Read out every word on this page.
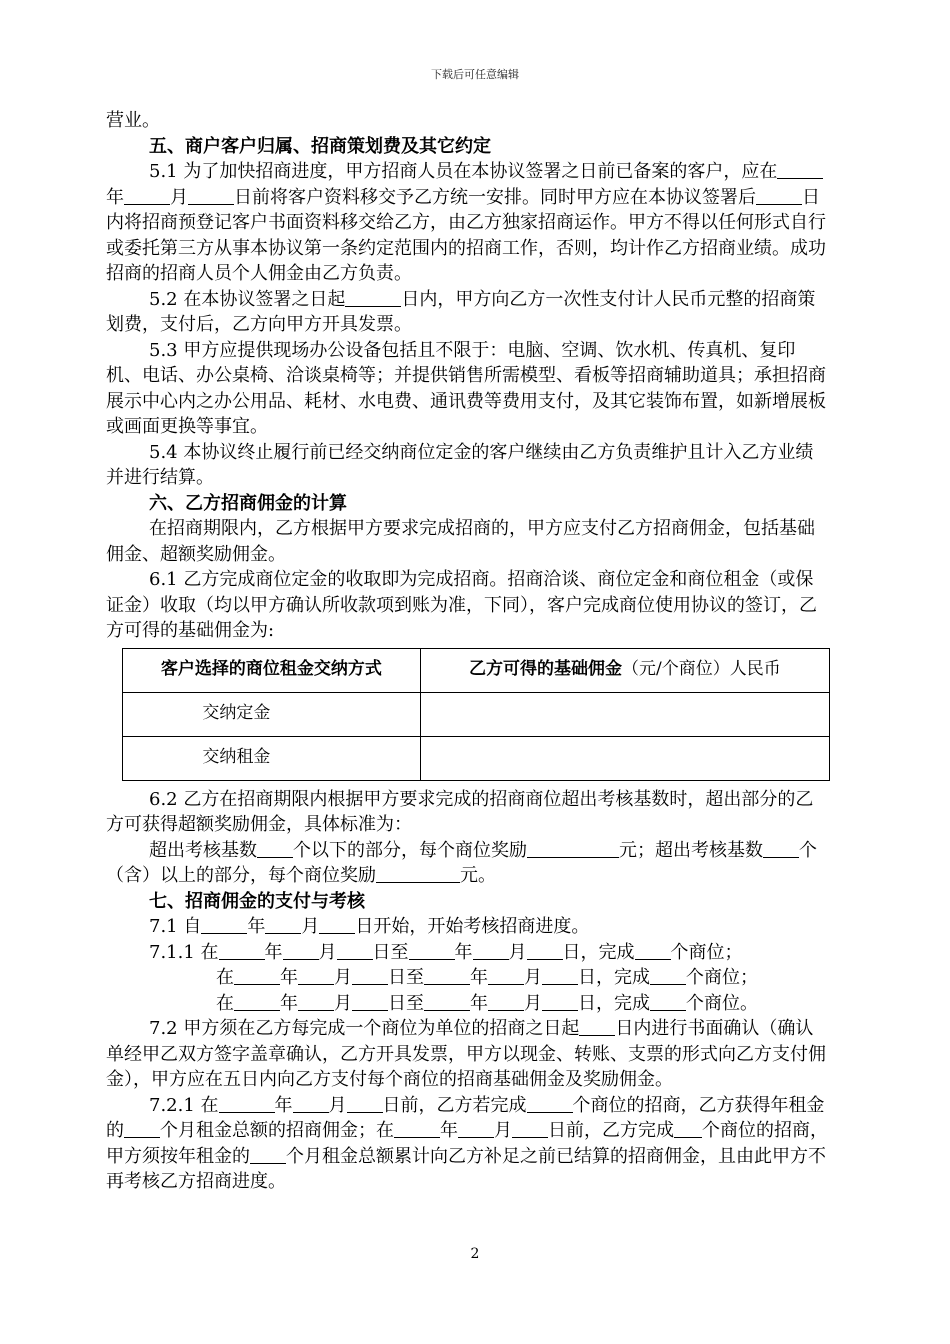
下载后可任意编辑

营业。

五、商户客户归属、招商策划费及其它约定

5.1 为了加快招商进度，甲方招商人员在本协议签署之日前已备案的客户，应在年	月	日前将客户资料移交予乙方统一安排。同时甲方应在本协议签署后	日内将招商预登记客户书面资料移交给乙方，由乙方独家招商运作。甲方不得以任何形式自行或委托第三方从事本协议第一条约定范围内的招商工作，否则，均计作乙方招商业绩。成功招商的招商人员个人佣金由乙方负责。

5.2 在本协议签署之日起	日内，甲方向乙方一次性支付计人民币元整的招商策划费，支付后，乙方向甲方开具发票。

5.3 甲方应提供现场办公设备包括且不限于：电脑、空调、饮水机、传真机、复印机、电话、办公桌椅、洽谈桌椅等；并提供销售所需模型、看板等招商辅助道具；承担招商展示中心内之办公用品、耗材、水电费、通讯费等费用支付，及其它装饰布置，如新增展板或画面更换等事宜。

5.4 本协议终止履行前已经交纳商位定金的客户继续由乙方负责维护且计入乙方业绩并进行结算。

六、乙方招商佣金的计算

在招商期限内，乙方根据甲方要求完成招商的，甲方应支付乙方招商佣金，包括基础佣金、超额奖励佣金。

6.1 乙方完成商位定金的收取即为完成招商。招商洽谈、商位定金和商位租金（或保证金）收取（均以甲方确认所收款项到账为准，下同），客户完成商位使用协议的签订，乙方可得的基础佣金为:

客户选择的商位租金交纳方式	乙方可得的基础佣金（元/个商位）人民币
交纳定金	
交纳租金	

6.2 乙方在招商期限内根据甲方要求完成的招商商位超出考核基数时，超出部分的乙方可获得超额奖励佣金，具体标准为：

超出考核基数 个以下的部分，每个商位奖励	元；超出考核基数 个（含）以上的部分，每个商位奖励	元。

七、招商佣金的支付与考核

7.1 自	年 月 日开始，开始考核招商进度。

7.1.1 在	年 月 日至	年 月 日，完成 个商位；

在	年 月 日至	年 月 日，完成 个商位；

在	年 月 日至	年 月 日，完成 个商位。

7.2 甲方须在乙方每完成一个商位为单位的招商之日起 日内进行书面确认（确认单经甲乙双方签字盖章确认，乙方开具发票，甲方以现金、转账、支票的形式向乙方支付佣金），甲方应在五日内向乙方支付每个商位的招商基础佣金及奖励佣金。

7.2.1 在	年 月 日前，乙方若完成	个商位的招商，乙方获得年租金的 个月租金总额的招商佣金；在	年 月 日前，乙方完成 个商位的招商，甲方须按年租金的 个月租金总额累计向乙方补足之前已结算的招商佣金，且由此甲方不再考核乙方招商进度。

2
